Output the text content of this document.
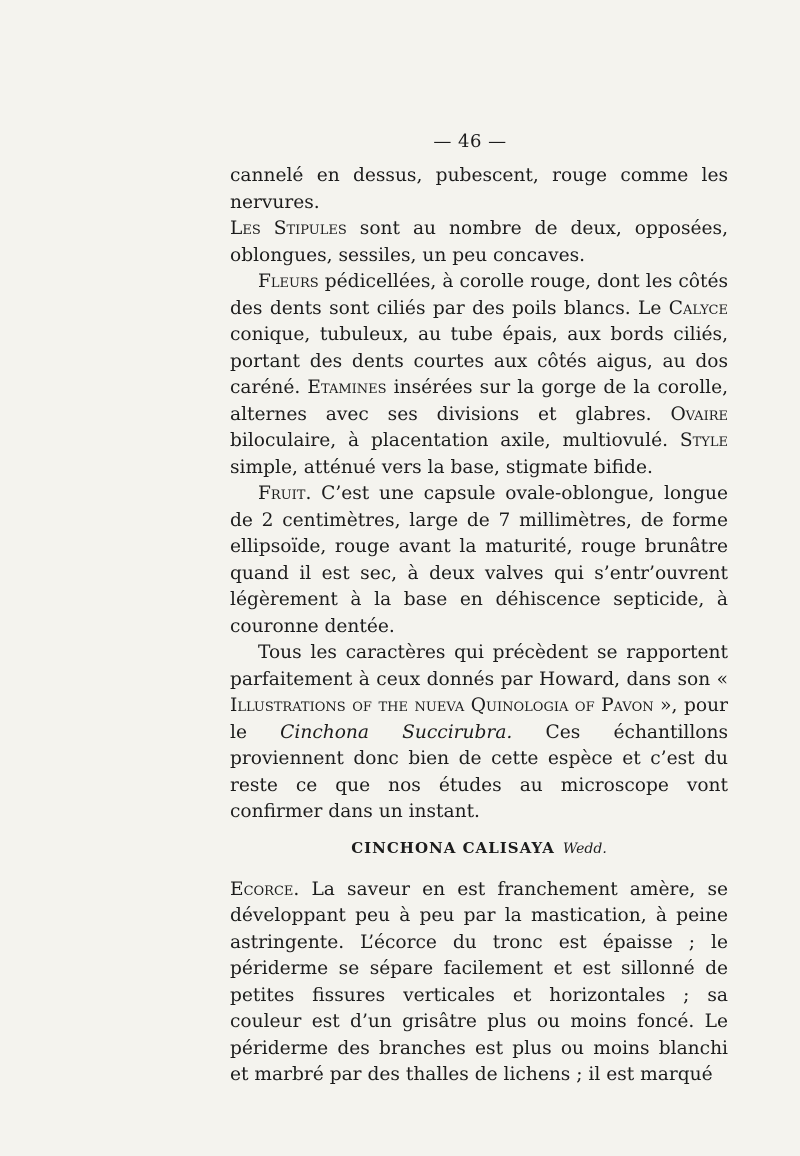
— 46 —

cannelé en dessus, pubescent, rouge comme les nervures.

Les Stipules sont au nombre de deux, opposées, oblongues, sessiles, un peu concaves.

Fleurs pédicellées, à corolle rouge, dont les côtés des dents sont ciliés par des poils blancs. Le Calyce conique, tubuleux, au tube épais, aux bords ciliés, portant des dents courtes aux côtés aigus, au dos caréné. Etamines insérées sur la gorge de la corolle, alternes avec ses divisions et glabres. Ovaire biloculaire, à placentation axile, multiovulé. Style simple, atténué vers la base, stigmate bifide.

Fruit. C’est une capsule ovale-oblongue, longue de 2 centimètres, large de 7 millimètres, de forme ellipsoïde, rouge avant la maturité, rouge brunâtre quand il est sec, à deux valves qui s’entr’ouvrent légèrement à la base en déhiscence septicide, à couronne dentée.

Tous les caractères qui précèdent se rapportent parfaitement à ceux donnés par Howard, dans son « Illustrations of the nueva Quinologia of Pavon », pour le Cinchona Succirubra. Ces échantillons proviennent donc bien de cette espèce et c’est du reste ce que nos études au microscope vont confirmer dans un instant.

CINCHONA CALISAYA Wedd.

Ecorce. La saveur en est franchement amère, se développant peu à peu par la mastication, à peine astringente. L’écorce du tronc est épaisse ; le périderme se sépare facilement et est sillonné de petites fissures verticales et horizontales ; sa couleur est d’un grisâtre plus ou moins foncé. Le périderme des branches est plus ou moins blanchi et marbré par des thalles de lichens ; il est marqué
